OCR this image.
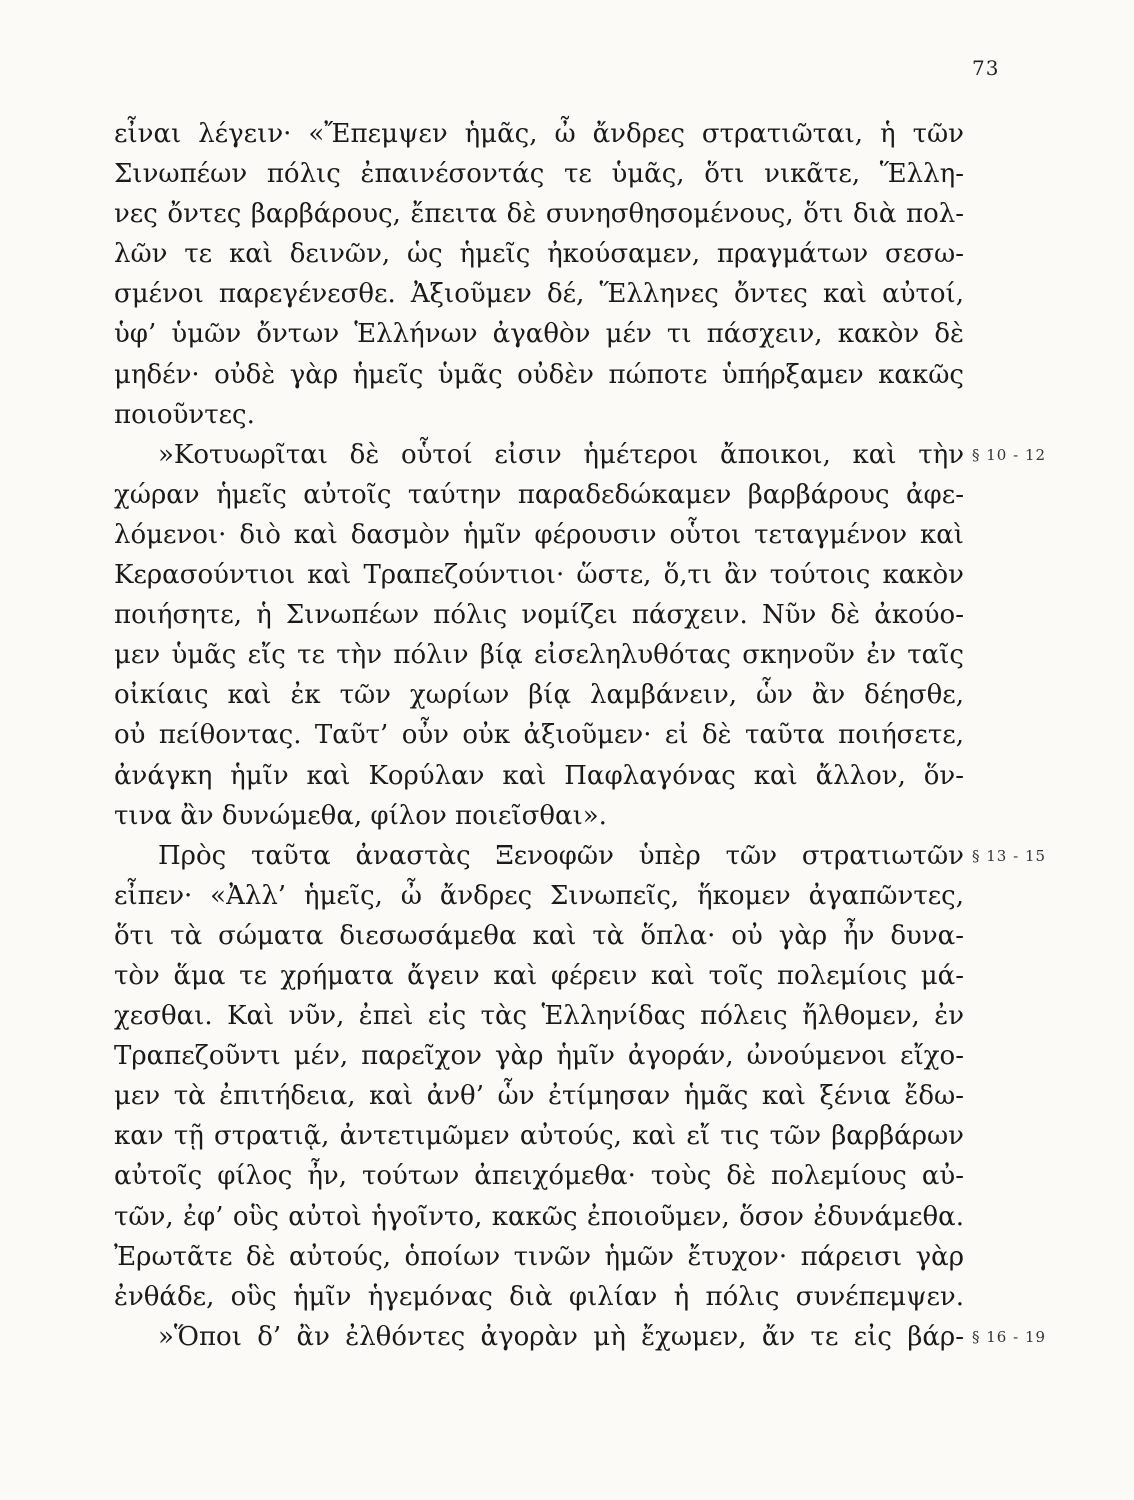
73
εἶναι λέγειν· «Ἔπεμψεν ἡμᾶς, ὦ ἄνδρες στρατιῶται, ἡ τῶν
Σινωπέων πόλις ἐπαινέσοντάς τε ὑμᾶς, ὅτι νικᾶτε, Ἕλλη-
νες ὄντες βαρβάρους, ἔπειτα δὲ συνησθησομένους, ὅτι διὰ πολ-
λῶν τε καὶ δεινῶν, ὡς ἡμεῖς ἠκούσαμεν, πραγμάτων σεσω-
σμένοι παρεγένεσθε. Ἀξιοῦμεν δέ, Ἕλληνες ὄντες καὶ αὐτοί,
ὑφ’ ὑμῶν ὄντων Ἑλλήνων ἀγαθὸν μέν τι πάσχειν, κακὸν δὲ
μηδέν· οὐδὲ γὰρ ἡμεῖς ὑμᾶς οὐδὲν πώποτε ὑπήρξαμεν κακῶς
ποιοῦντες.
»Κοτυωρῖται δὲ οὗτοί εἰσιν ἡμέτεροι ἄποικοι, καὶ τὴν § 10 - 12
χώραν ἡμεῖς αὐτοῖς ταύτην παραδεδώκαμεν βαρβάρους ἀφε-
λόμενοι· διὸ καὶ δασμὸν ἡμῖν φέρουσιν οὗτοι τεταγμένον καὶ
Κερασούντιοι καὶ Τραπεζούντιοι· ὥστε, ὅ,τι ἂν τούτοις κακὸν
ποιήσητε, ἡ Σινωπέων πόλις νομίζει πάσχειν. Νῦν δὲ ἀκούο-
μεν ὑμᾶς εἴς τε τὴν πόλιν βίᾳ εἰσεληλυθότας σκηνοῦν ἐν ταῖς
οἰκίαις καὶ ἐκ τῶν χωρίων βίᾳ λαμβάνειν, ὧν ἂν δέησθε,
οὐ πείθοντας. Ταῦτ’ οὖν οὐκ ἀξιοῦμεν· εἰ δὲ ταῦτα ποιήσετε,
ἀνάγκη ἡμῖν καὶ Κορύλαν καὶ Παφλαγόνας καὶ ἄλλον, ὅν-
τινα ἂν δυνώμεθα, φίλον ποιεῖσθαι».
Πρὸς ταῦτα ἀναστὰς Ξενοφῶν ὑπὲρ τῶν στρατιωτῶν § 13 - 15
εἶπεν· «Ἀλλ’ ἡμεῖς, ὦ ἄνδρες Σινωπεῖς, ἥκομεν ἀγαπῶντες,
ὅτι τὰ σώματα διεσωσάμεθα καὶ τὰ ὅπλα· οὐ γὰρ ἦν δυνα-
τὸν ἅμα τε χρήματα ἄγειν καὶ φέρειν καὶ τοῖς πολεμίοις μά-
χεσθαι. Καὶ νῦν, ἐπεὶ εἰς τὰς Ἑλληνίδας πόλεις ἤλθομεν, ἐν
Τραπεζοῦντι μέν, παρεῖχον γὰρ ἡμῖν ἀγοράν, ὠνούμενοι εἴχο-
μεν τὰ ἐπιτήδεια, καὶ ἀνθ’ ὧν ἐτίμησαν ἡμᾶς καὶ ξένια ἔδω-
καν τῇ στρατιᾷ, ἀντετιμῶμεν αὐτούς, καὶ εἴ τις τῶν βαρβάρων
αὐτοῖς φίλος ἦν, τούτων ἀπειχόμεθα· τοὺς δὲ πολεμίους αὐ-
τῶν, ἐφ’ οὓς αὐτοὶ ἡγοῖντο, κακῶς ἐποιοῦμεν, ὅσον ἐδυνάμεθα.
Ἐρωτᾶτε δὲ αὐτούς, ὁποίων τινῶν ἡμῶν ἔτυχον· πάρεισι γὰρ
ἐνθάδε, οὓς ἡμῖν ἡγεμόνας διὰ φιλίαν ἡ πόλις συνέπεμψεν.
»Ὅποι δ’ ἂν ἐλθόντες ἀγορὰν μὴ ἔχωμεν, ἄν τε εἰς βάρ- § 16 - 19
